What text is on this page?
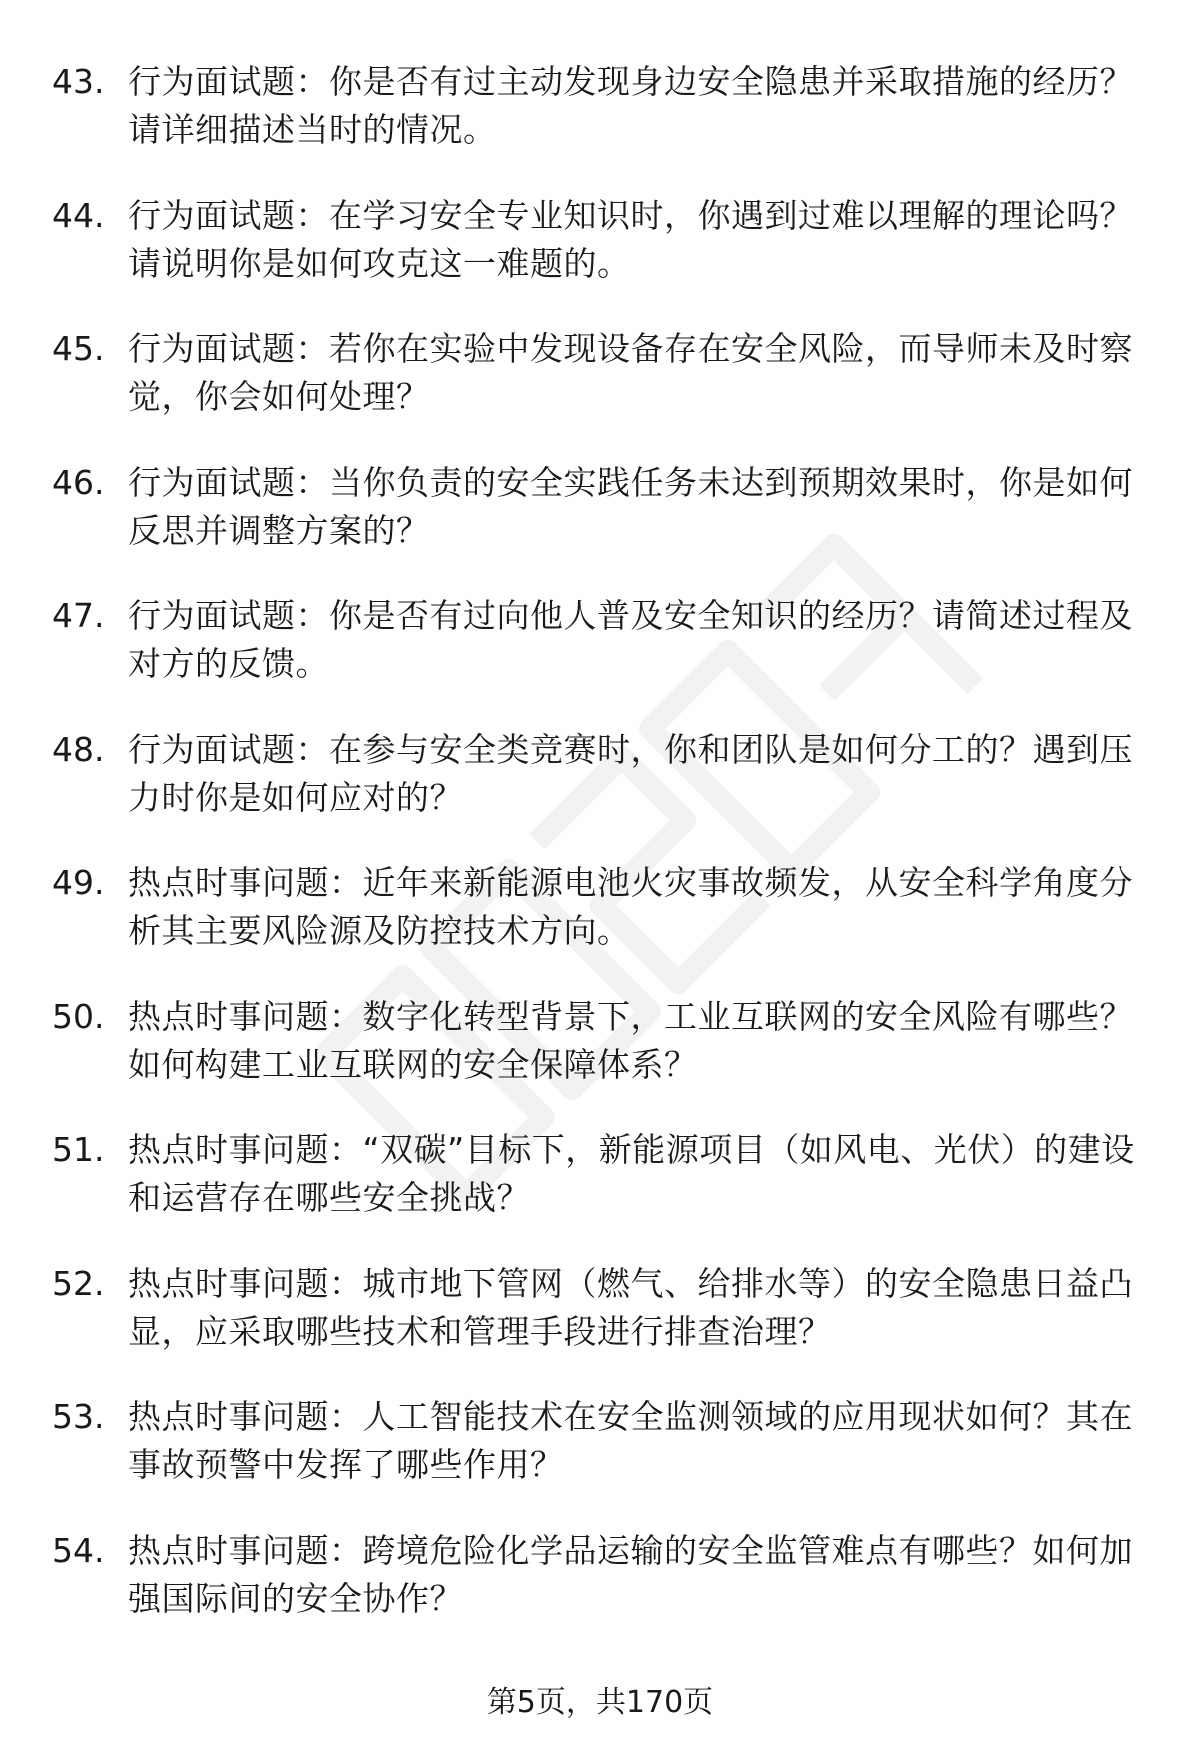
43. 行为面试题：你是否有过主动发现身边安全隐患并采取措施的经历？请详细描述当时的情况。

44. 行为面试题：在学习安全专业知识时，你遇到过难以理解的理论吗？请说明你是如何攻克这一难题的。

45. 行为面试题：若你在实验中发现设备存在安全风险，而导师未及时察觉，你会如何处理？

46. 行为面试题：当你负责的安全实践任务未达到预期效果时，你是如何反思并调整方案的？

47. 行为面试题：你是否有过向他人普及安全知识的经历？请简述过程及对方的反馈。

48. 行为面试题：在参与安全类竞赛时，你和团队是如何分工的？遇到压力时你是如何应对的？

49. 热点时事问题：近年来新能源电池火灾事故频发，从安全科学角度分析其主要风险源及防控技术方向。

50. 热点时事问题：数字化转型背景下，工业互联网的安全风险有哪些？如何构建工业互联网的安全保障体系？

51. 热点时事问题：“双碳”目标下，新能源项目（如风电、光伏）的建设和运营存在哪些安全挑战？

52. 热点时事问题：城市地下管网（燃气、给排水等）的安全隐患日益凸显，应采取哪些技术和管理手段进行排查治理？

53. 热点时事问题：人工智能技术在安全监测领域的应用现状如何？其在事故预警中发挥了哪些作用？

54. 热点时事问题：跨境危险化学品运输的安全监管难点有哪些？如何加强国际间的安全协作？

第5页，共170页
